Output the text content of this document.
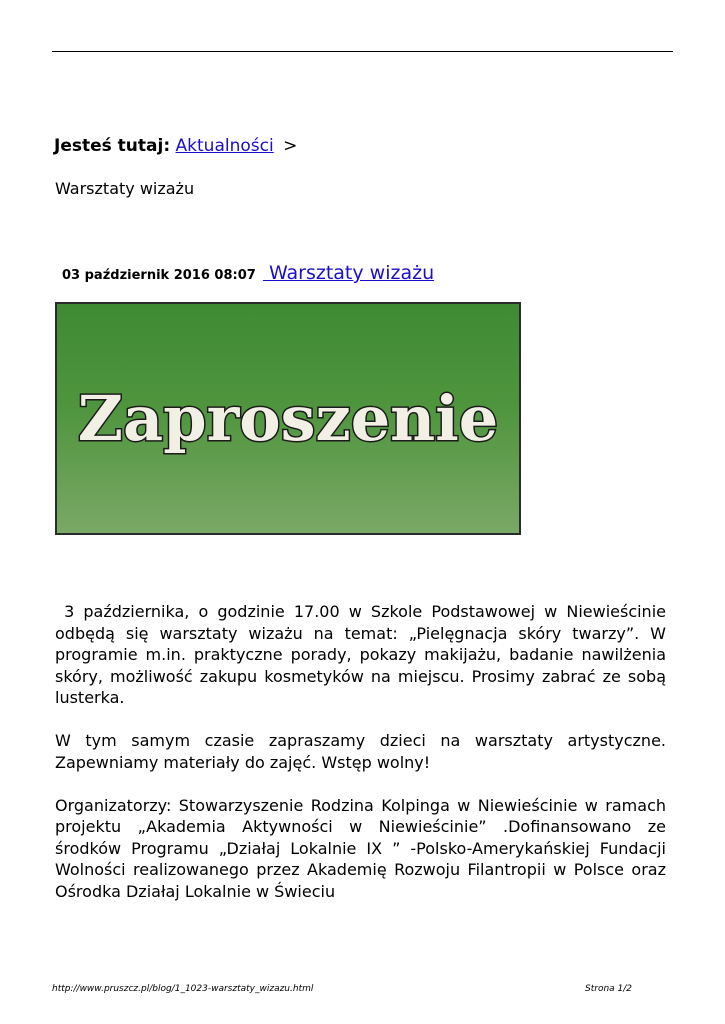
Jesteś tutaj: Aktualności >
Warsztaty wizażu
03 październik 2016 08:07 Warsztaty wizażu
Zaproszenie

3 października, o godzinie 17.00 w Szkole Podstawowej w Niewieścinie odbędą się warsztaty wizażu na temat: „Pielęgnacja skóry twarzy”. W programie m.in. praktyczne porady, pokazy makijażu, badanie nawilżenia skóry, możliwość zakupu kosmetyków na miejscu. Prosimy zabrać ze sobą lusterka.

W tym samym czasie zapraszamy dzieci na warsztaty artystyczne. Zapewniamy materiały do zajęć. Wstęp wolny!

Organizatorzy: Stowarzyszenie Rodzina Kolpinga w Niewieścinie w ramach projektu „Akademia Aktywności w Niewieścinie” .Dofinansowano ze środków Programu „Działaj Lokalnie IX ” -Polsko-Amerykańskiej Fundacji Wolności realizowanego przez Akademię Rozwoju Filantropii w Polsce oraz Ośrodka Działaj Lokalnie w Świeciu

http://www.pruszcz.pl/blog/1_1023-warsztaty_wizazu.html	Strona 1/2
